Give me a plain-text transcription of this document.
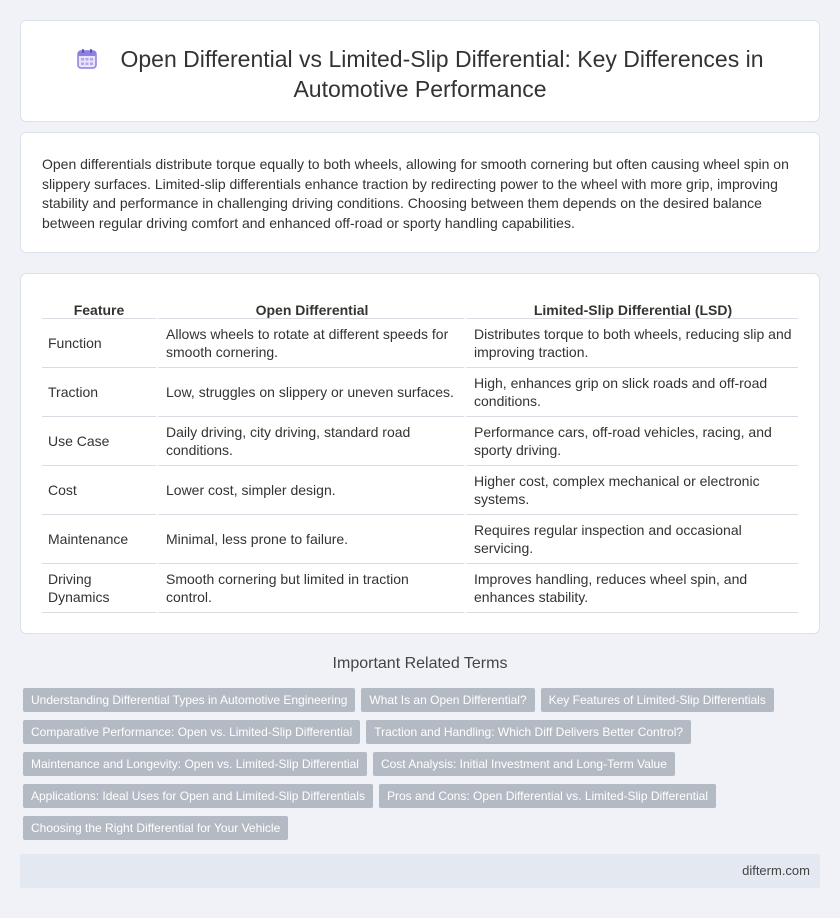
Open Differential vs Limited-Slip Differential: Key Differences in Automotive Performance

Open differentials distribute torque equally to both wheels, allowing for smooth cornering but often causing wheel spin on slippery surfaces. Limited-slip differentials enhance traction by redirecting power to the wheel with more grip, improving stability and performance in challenging driving conditions. Choosing between them depends on the desired balance between regular driving comfort and enhanced off-road or sporty handling capabilities.

Feature	Open Differential	Limited-Slip Differential (LSD)
Function	Allows wheels to rotate at different speeds for smooth cornering.	Distributes torque to both wheels, reducing slip and improving traction.
Traction	Low, struggles on slippery or uneven surfaces.	High, enhances grip on slick roads and off-road conditions.
Use Case	Daily driving, city driving, standard road conditions.	Performance cars, off-road vehicles, racing, and sporty driving.
Cost	Lower cost, simpler design.	Higher cost, complex mechanical or electronic systems.
Maintenance	Minimal, less prone to failure.	Requires regular inspection and occasional servicing.
Driving Dynamics	Smooth cornering but limited in traction control.	Improves handling, reduces wheel spin, and enhances stability.
Important Related Terms
Understanding Differential Types in Automotive Engineering What Is an Open Differential? Key Features of Limited-Slip Differentials
Comparative Performance: Open vs. Limited-Slip Differential Traction and Handling: Which Diff Delivers Better Control?
Maintenance and Longevity: Open vs. Limited-Slip Differential Cost Analysis: Initial Investment and Long-Term Value
Applications: Ideal Uses for Open and Limited-Slip Differentials Pros and Cons: Open Differential vs. Limited-Slip Differential
Choosing the Right Differential for Your Vehicle
difterm.com
